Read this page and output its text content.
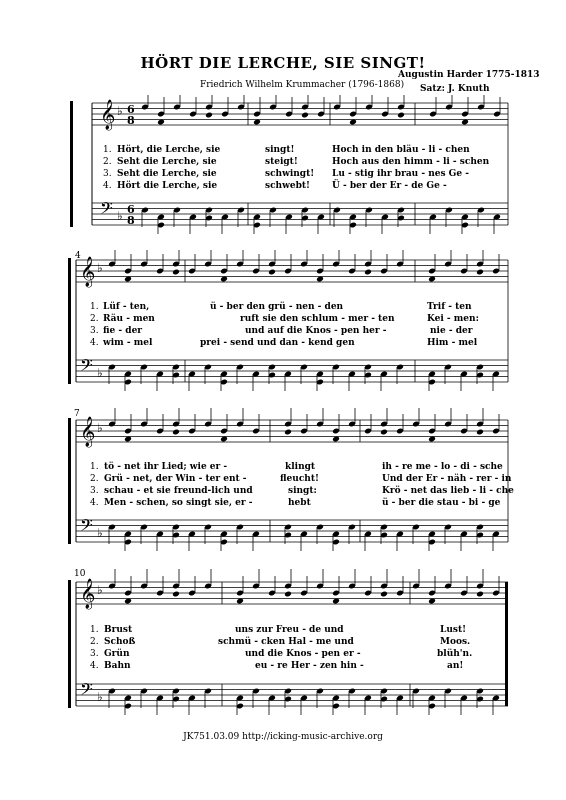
HÖRT DIE LERCHE, SIE SINGT!
Friedrich Wilhelm Krummacher (1796-1868)
Augustin Harder 1775-1813
Satz: J. Knuth
𝄞 ♭ 6
8
𝄢 ♭ 6
8
1. Hört, die Lerche, sie	singt!	Hoch in den bläu - li - chen
2. Seht die Lerche, sie	steigt!	Hoch aus den himm - li - schen
3. Seht die Lerche, sie	schwingt! Lu - stig ihr brau - nes Ge -
4. Hört die Lerche, sie	schwebt! Ü - ber der Er - de Ge -
𝄞 ♭
𝄢 ♭
4
1. Lüf - ten,	ü - ber den grü - nen - den	Trif - ten
2. Räu - men	ruft sie den schlum - mer - ten	Kei - men:
3. fie - der	und auf die Knos - pen her -	nie - der
4. wim - mel	prei - send und dan - kend gen	Him - mel
𝄞 ♭
𝄢 ♭
7
1. tö - net ihr Lied; wie er -	klingt	ih - re me - lo - di - sche
2. Grü - net, der Win - ter ent -	fleucht!	Und der Er - näh - rer - in
3. schau - et sie freund-lich und	singt:	Krö - net das lieb - li - che
4. Men - schen, so singt sie, er -	hebt	ü - ber die stau - bi - ge
𝄞 ♭
𝄢 ♭
10
1. Brust	uns zur Freu - de und	Lust!
2. Schoß	schmü - cken Hal - me und	Moos.
3. Grün	und die Knos - pen er -	blüh'n.
4. Bahn	eu - re Her - zen hin -	an!
JK751.03.09 http://icking-music-archive.org
